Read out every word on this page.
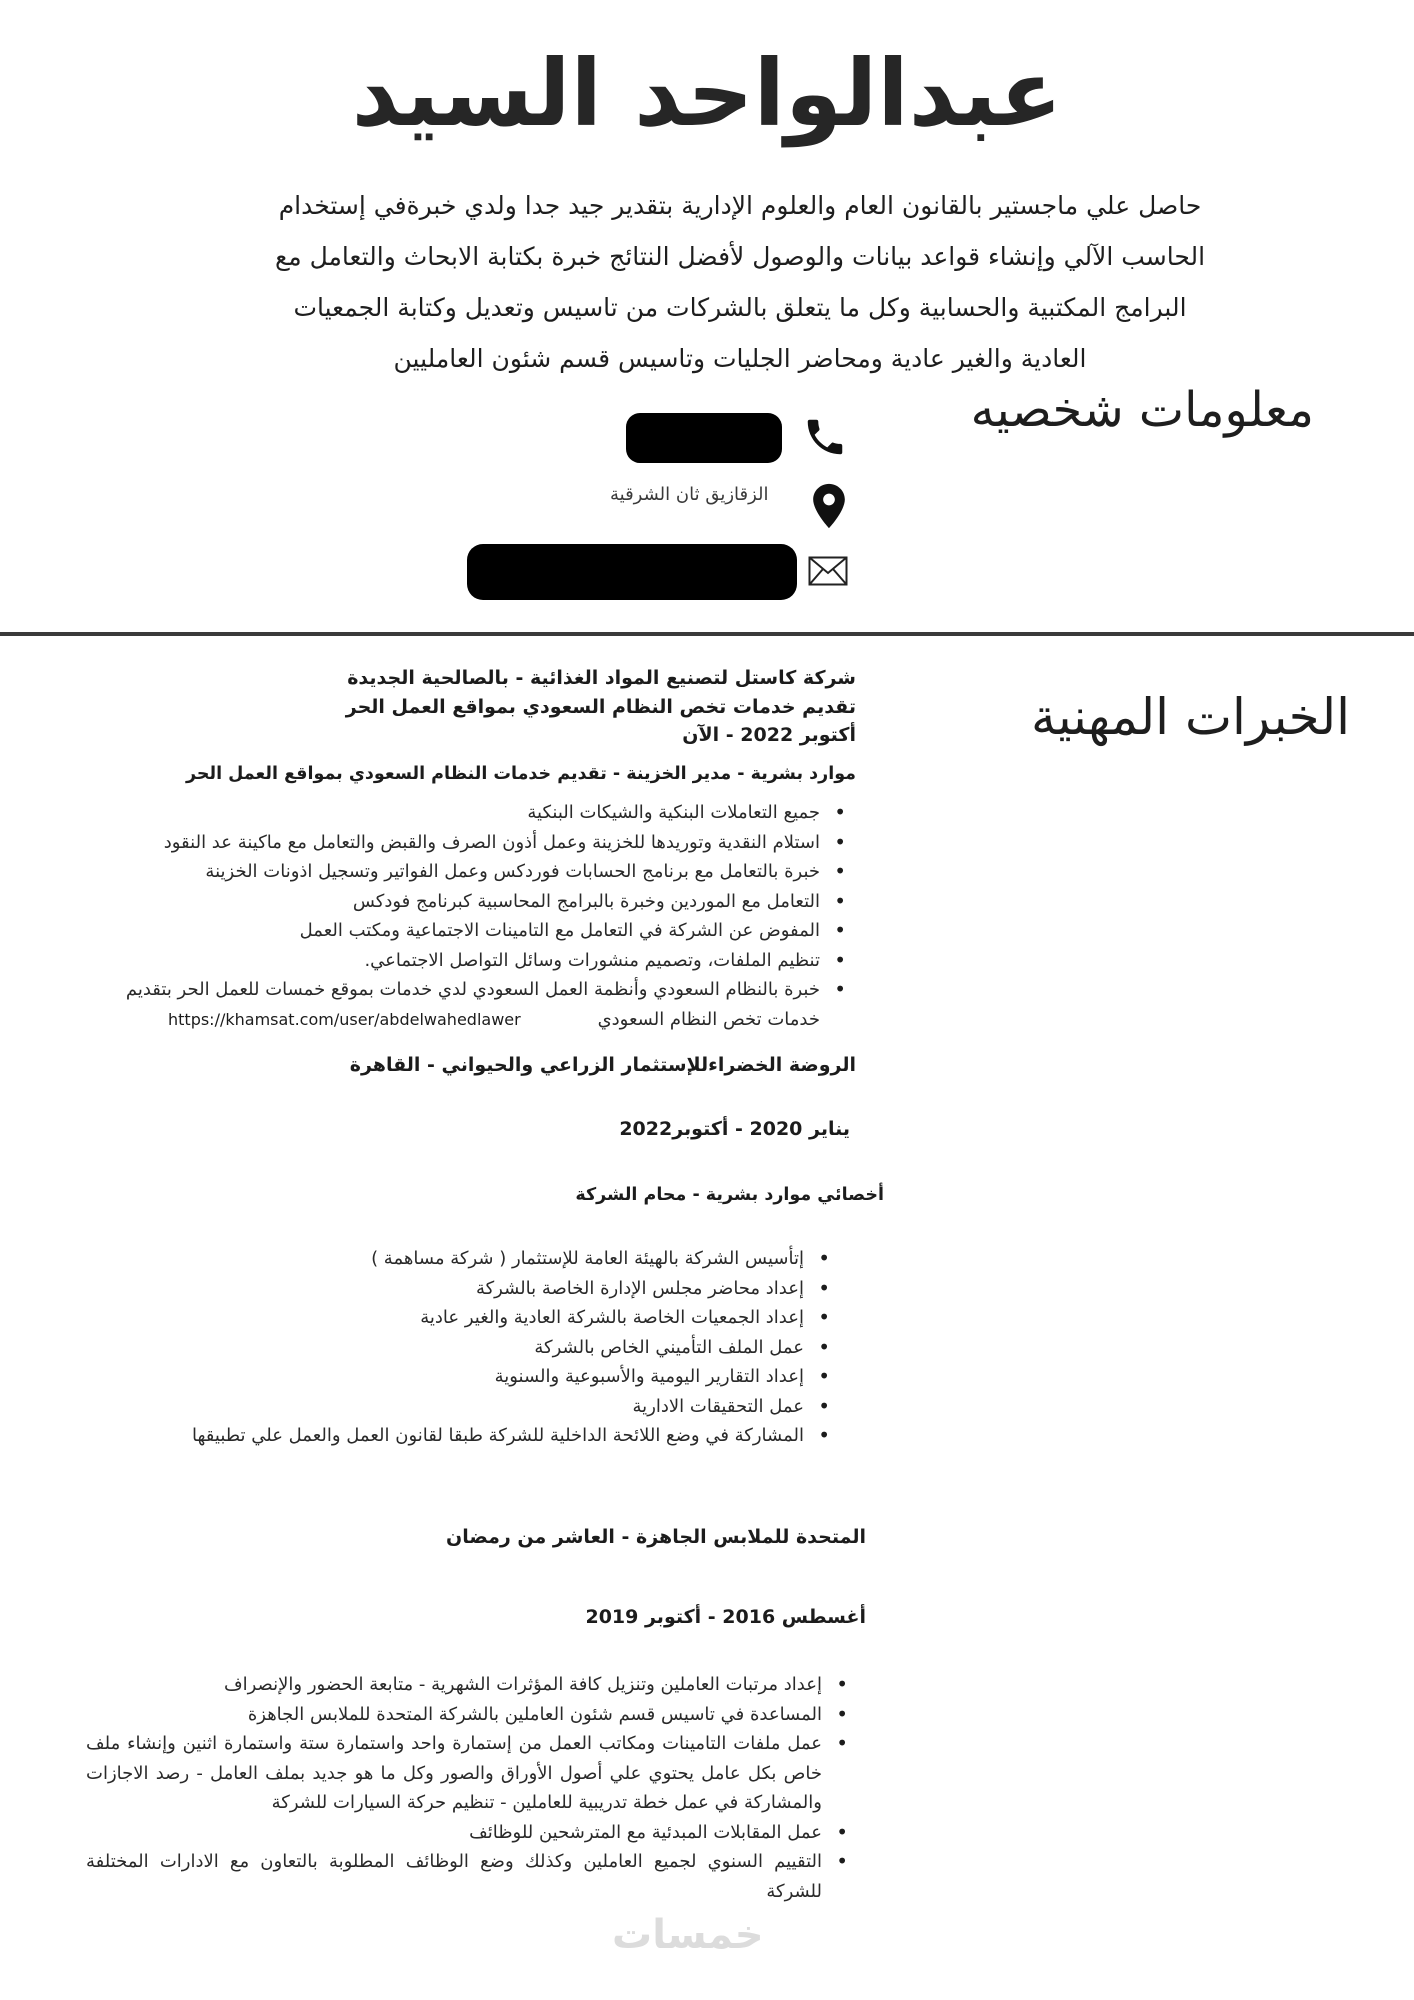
عبدالواحد السيد
حاصل علي ماجستير بالقانون العام والعلوم الإدارية بتقدير جيد جدا ولدي خبرةفي إستخدام
الحاسب الآلي وإنشاء قواعد بيانات والوصول لأفضل النتائج خبرة بكتابة الابحاث والتعامل مع
البرامج المكتبية والحسابية وكل ما يتعلق بالشركات من تاسيس وتعديل وكتابة الجمعيات
العادية والغير عادية ومحاضر الجليات وتاسيس قسم شئون العامليين
معلومات شخصيه
الزقازيق ثان الشرقية
الخبرات المهنية
شركة كاستل لتصنيع المواد الغذائية - بالصالحية الجديدة
تقديم خدمات تخص النظام السعودي بمواقع العمل الحر
أكتوبر 2022 - الآن
موارد بشرية - مدير الخزينة - تقديم خدمات النظام السعودي بمواقع العمل الحر
• جميع التعاملات البنكية والشيكات البنكية
• استلام النقدية وتوريدها للخزينة وعمل أذون الصرف والقبض والتعامل مع ماكينة عد النقود
• خبرة بالتعامل مع برنامج الحسابات فوردكس وعمل الفواتير وتسجيل اذونات الخزينة
• التعامل مع الموردين وخبرة بالبرامج المحاسبية كبرنامج فودكس
• المفوض عن الشركة في التعامل مع التامينات الاجتماعية ومكتب العمل
• تنظيم الملفات، وتصميم منشورات وسائل التواصل الاجتماعي.
• خبرة بالنظام السعودي وأنظمة العمل السعودي لدي خدمات بموقع خمسات للعمل الحر بتقديم
خدمات تخص النظام السعودي
https://khamsat.com/user/abdelwahedlawer
الروضة الخضراءللإستثمار الزراعي والحيواني - القاهرة
يناير 2020 - أكتوبر2022
أخصائي موارد بشرية - محام الشركة
• إتأسيس الشركة بالهيئة العامة للإستثمار ( شركة مساهمة )
• إعداد محاضر مجلس الإدارة الخاصة بالشركة
• إعداد الجمعيات الخاصة بالشركة العادية والغير عادية
• عمل الملف التأميني الخاص بالشركة
• إعداد التقارير اليومية والأسبوعية والسنوية
• عمل التحقيقات الادارية
• المشاركة في وضع اللائحة الداخلية للشركة طبقا لقانون العمل والعمل علي تطبيقها
المتحدة للملابس الجاهزة - العاشر من رمضان
أغسطس 2016 - أكتوبر 2019
• إعداد مرتبات العاملين وتنزيل كافة المؤثرات الشهرية - متابعة الحضور والإنصراف
• المساعدة في تاسيس قسم شئون العاملين بالشركة المتحدة للملابس الجاهزة
• عمل ملفات التامينات ومكاتب العمل من إستمارة واحد واستمارة ستة واستمارة اثنين وإنشاء ملف خاص بكل عامل يحتوي علي أصول الأوراق والصور وكل ما هو جديد بملف العامل - رصد الاجازات والمشاركة في عمل خطة تدريبية للعاملين - تنظيم حركة السيارات للشركة
• عمل المقابلات المبدئية مع المترشحين للوظائف
• التقييم السنوي لجميع العاملين وكذلك وضع الوظائف المطلوبة بالتعاون مع الادارات المختلفة للشركة
خمسات
